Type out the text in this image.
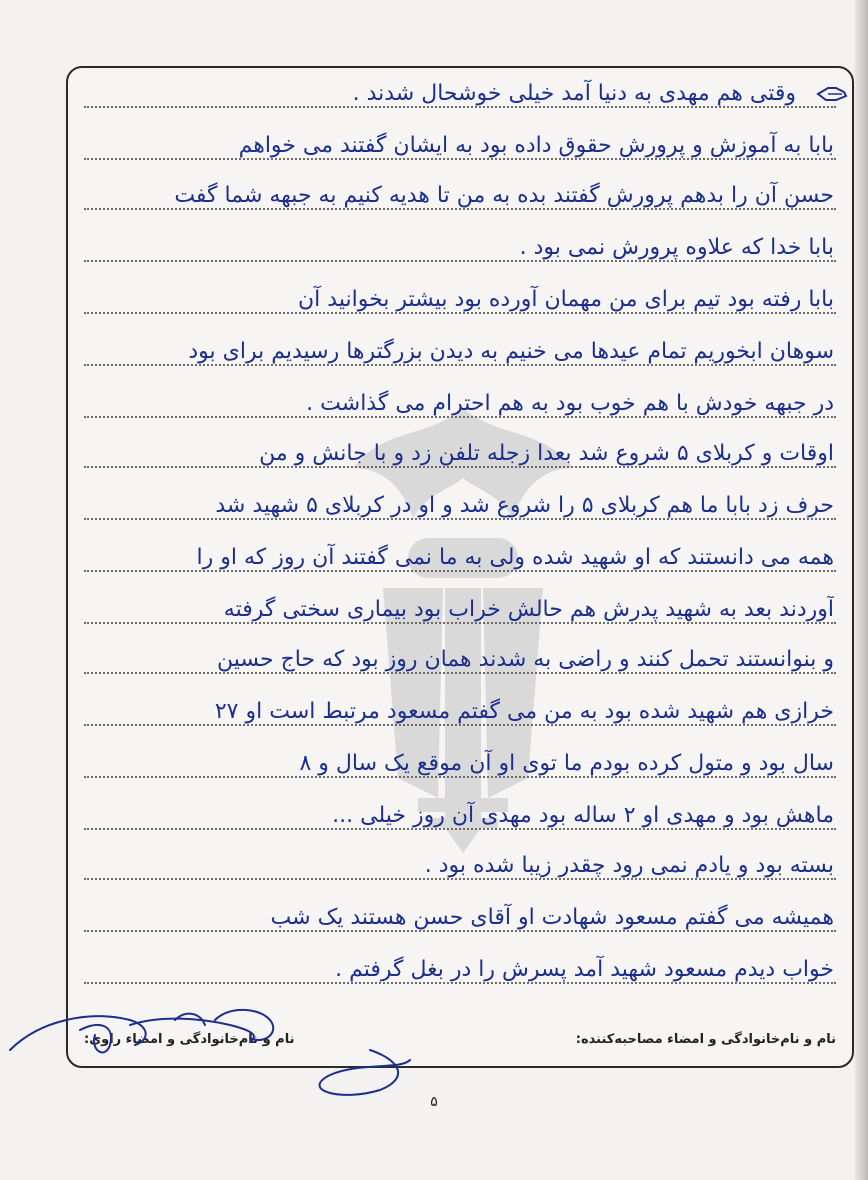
وقتی هم مهدی به دنیا آمد خیلی خوشحال شدند .
بابا به آموزش و پرورش حقوق داده بود به ایشان گفتند می خواهم
حسن آن را بدهم پرورش گفتند بده به من تا هدیه کنیم به جبهه شما گفت
بابا خدا که علاوه پرورش نمی بود .
بابا رفته بود تیم برای من مهمان آورده بود بیشتر بخوانید آن
سوهان ابخوریم تمام عیدها می خنیم به دیدن بزرگترها رسیدیم برای بود
در جبهه خودش با هم خوب بود به هم احترام می گذاشت .
اوقات و کربلای ۵ شروع شد بعدا زجله تلفن زد و با جانش و من
حرف زد بابا ما هم کربلای ۵ را شروع شد و او در کربلای ۵ شهید شد
همه می دانستند که او شهید شده ولی به ما نمی گفتند آن روز که او را
آوردند بعد به شهید پدرش هم حالش خراب بود بیماری سختی گرفته
و بنوانستند تحمل کنند و راضی به شدند همان روز بود که حاج حسین
خرازی هم شهید شده بود به من می گفتم مسعود مرتبط است او ۲۷
سال بود و متول کرده بودم ما توی او آن موقع یک سال و ۸
ماهش بود و مهدی او ۲ ساله بود مهدی آن روز خیلی ...
بسته بود و یادم نمی رود چقدر زیبا شده بود .
همیشه می گفتم مسعود شهادت او آقای حسن هستند یک شب
خواب دیدم مسعود شهید آمد پسرش را در بغل گرفتم .
نام و نام‌خانوادگی و امضاء مصاحبه‌کننده:
نام و نام‌خانوادگی و امضاء راوی:
۵
